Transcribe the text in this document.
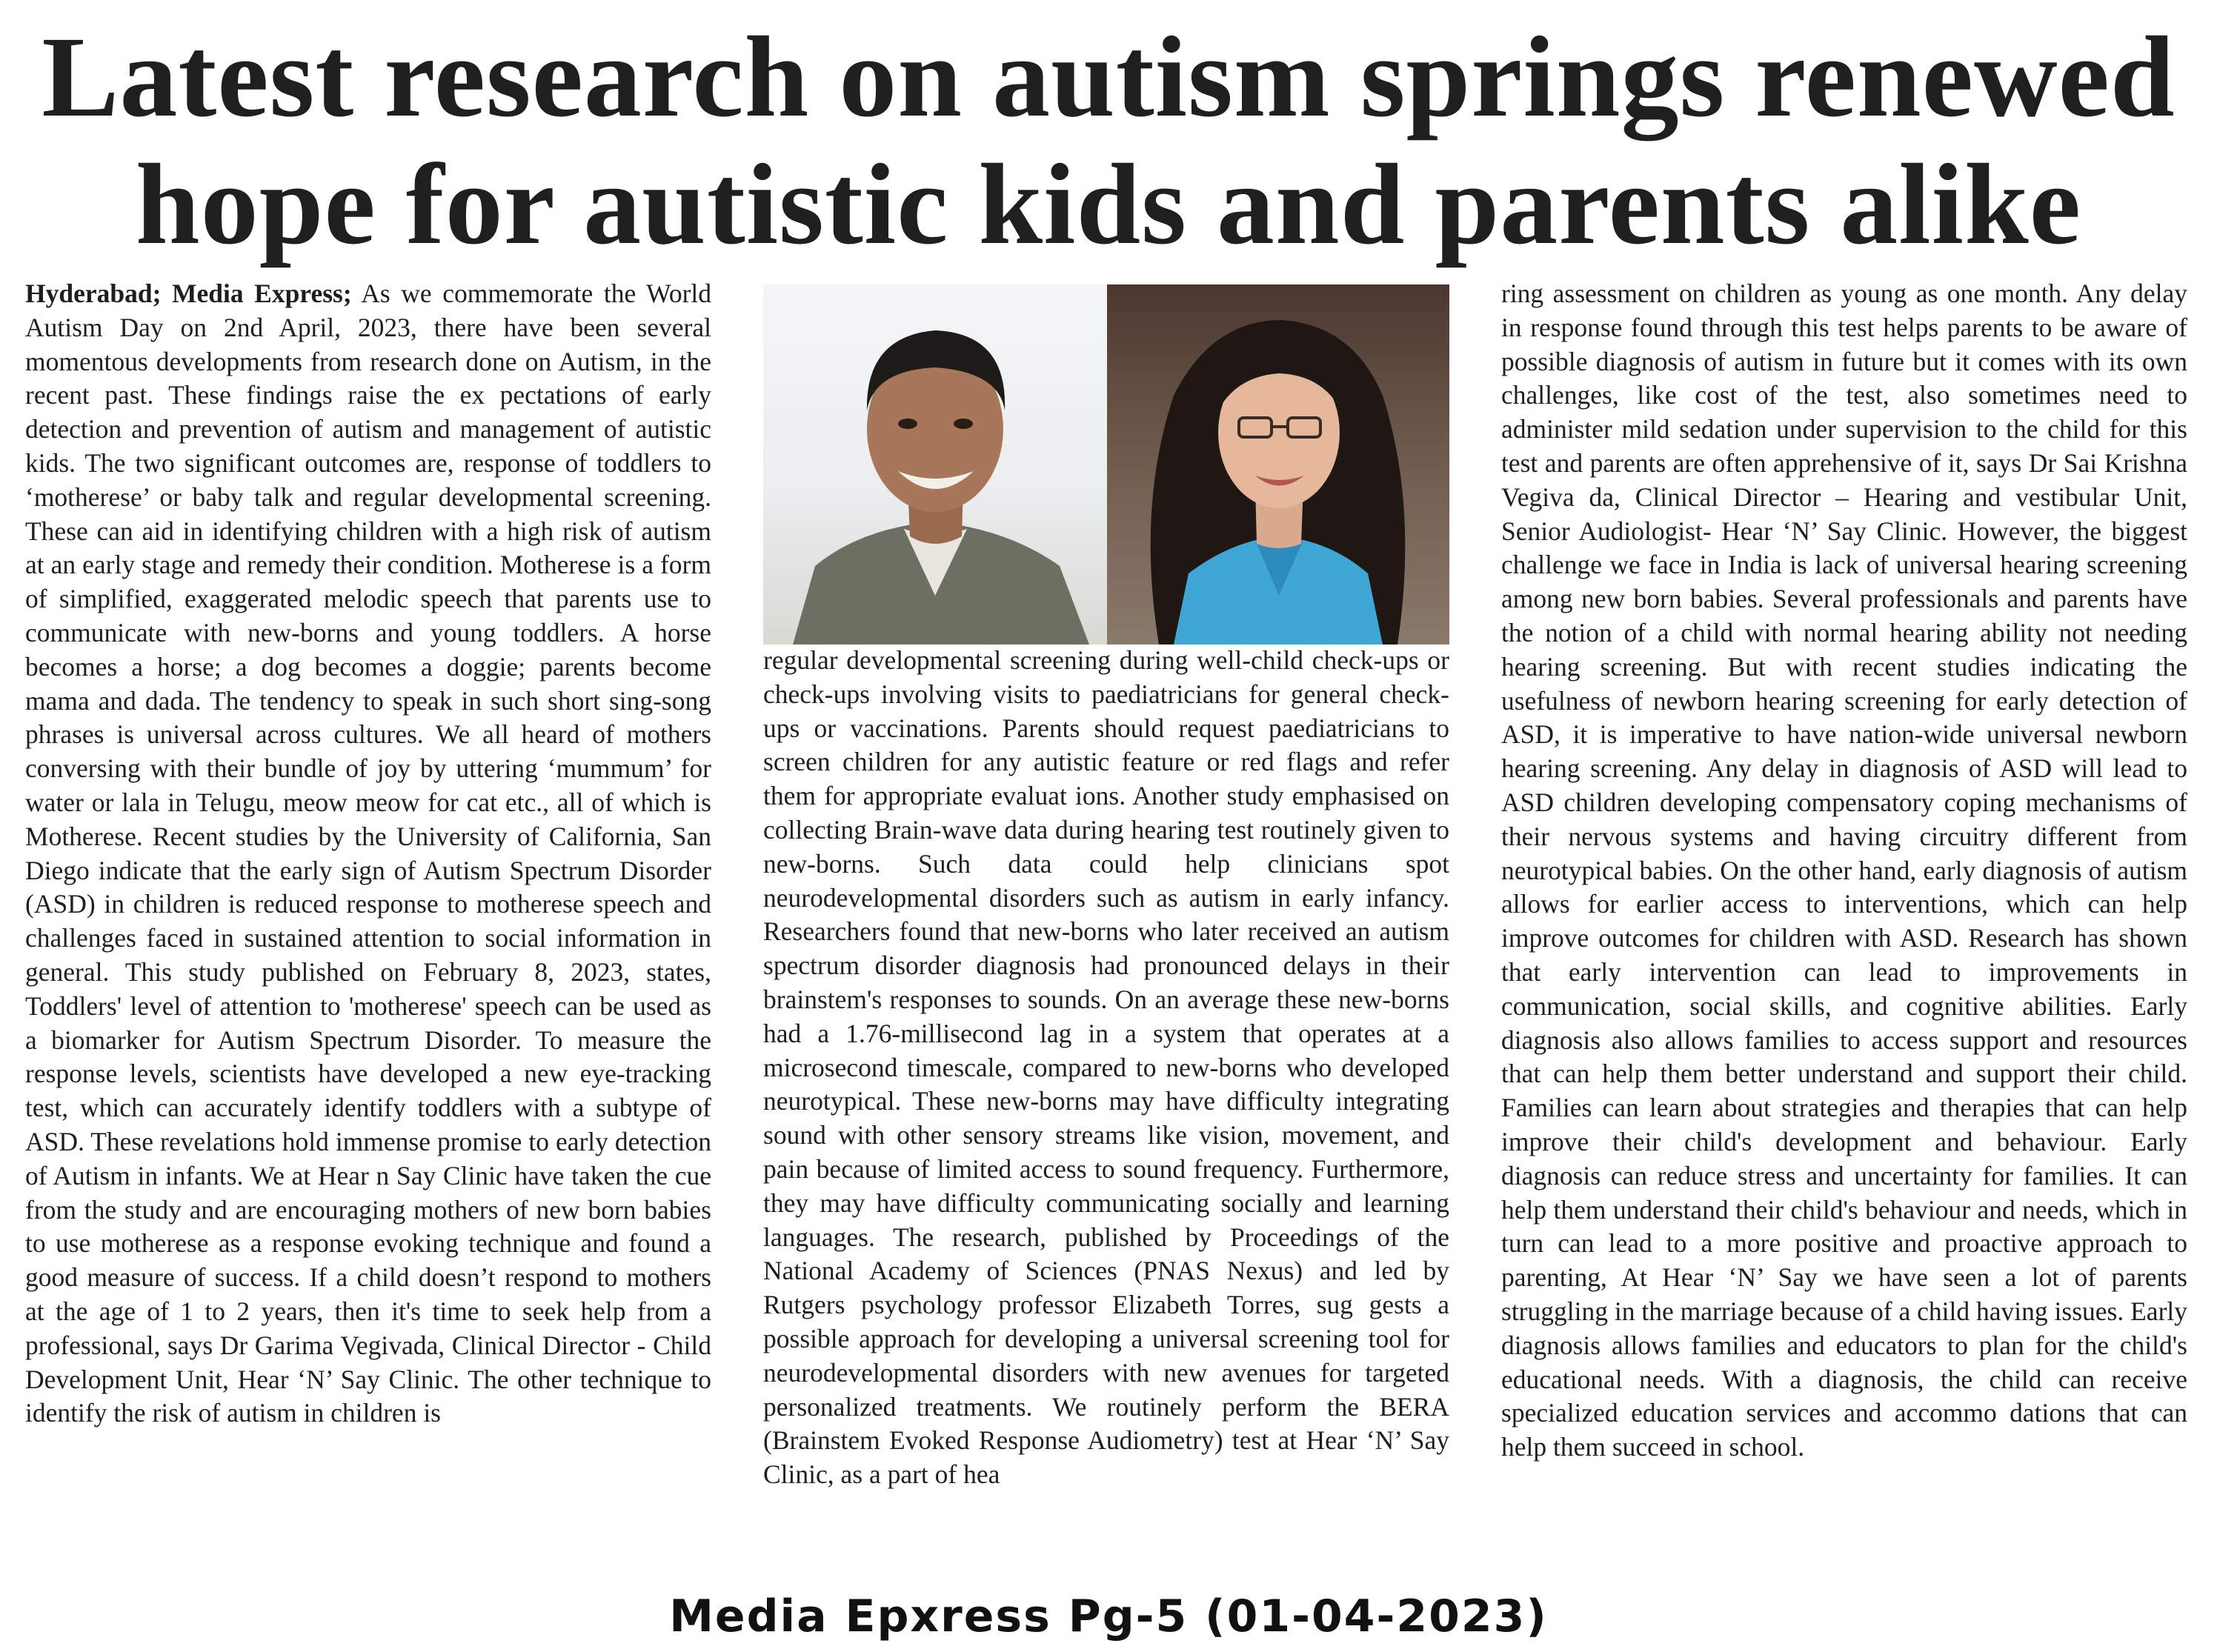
Latest research on autism springs renewed
hope for autistic kids and parents alike

Hyderabad; Media Express; As we commemorate the World Autism Day on 2nd April, 2023, there have been several momentous developments from research done on Autism, in the recent past. These findings raise the ex pectations of early detection and prevention of autism and management of autistic kids. The two significant outcomes are, response of toddlers to ‘motherese’ or baby talk and regular developmental screening. These can aid in identifying children with a high risk of autism at an early stage and remedy their condition. Motherese is a form of simplified, exaggerated melodic speech that parents use to communicate with new-borns and young toddlers. A horse becomes a horse; a dog becomes a doggie; parents become mama and dada. The tendency to speak in such short sing-song phrases is universal across cultures. We all heard of mothers conversing with their bundle of joy by uttering ‘mummum’ for water or lala in Telugu, meow meow for cat etc., all of which is Motherese. Recent studies by the University of California, San Diego indicate that the early sign of Autism Spectrum Disorder (ASD) in children is reduced response to motherese speech and challenges faced in sustained attention to social information in general. This study published on February 8, 2023, states, Toddlers' level of attention to 'motherese' speech can be used as a biomarker for Autism Spectrum Disorder. To measure the response levels, scientists have developed a new eye-tracking test, which can accurately identify toddlers with a subtype of ASD. These revelations hold immense promise to early detection of Autism in infants. We at Hear n Say Clinic have taken the cue from the study and are encouraging mothers of new born babies to use motherese as a response evoking technique and found a good measure of success. If a child doesn’t respond to mothers at the age of 1 to 2 years, then it's time to seek help from a professional, says Dr Garima Vegivada, Clinical Director - Child Development Unit, Hear ‘N’ Say Clinic. The other technique to identify the risk of autism in children is

regular developmental screening during well-child check-ups or check-ups involving visits to paediatricians for general check-ups or vaccinations. Parents should request paediatricians to screen children for any autistic feature or red flags and refer them for appropriate evaluat ions. Another study emphasised on collecting Brain-wave data during hearing test routinely given to new-borns. Such data could help clinicians spot neurodevelopmental disorders such as autism in early infancy. Researchers found that new-borns who later received an autism spectrum disorder diagnosis had pronounced delays in their brainstem's responses to sounds. On an average these new-borns had a 1.76-millisecond lag in a system that operates at a microsecond timescale, compared to new-borns who developed neurotypical. These new-borns may have difficulty integrating sound with other sensory streams like vision, movement, and pain because of limited access to sound frequency. Furthermore, they may have difficulty communicating socially and learning languages. The research, published by Proceedings of the National Academy of Sciences (PNAS Nexus) and led by Rutgers psychology professor Elizabeth Torres, sug gests a possible approach for developing a universal screening tool for neurodevelopmental disorders with new avenues for targeted personalized treatments. We routinely perform the BERA (Brainstem Evoked Response Audiometry) test at Hear ‘N’ Say Clinic, as a part of hea

ring assessment on children as young as one month. Any delay in response found through this test helps parents to be aware of possible diagnosis of autism in future but it comes with its own challenges, like cost of the test, also sometimes need to administer mild sedation under supervision to the child for this test and parents are often apprehensive of it, says Dr Sai Krishna Vegiva da, Clinical Director – Hearing and vestibular Unit, Senior Audiologist- Hear ‘N’ Say Clinic. However, the biggest challenge we face in India is lack of universal hearing screening among new born babies. Several professionals and parents have the notion of a child with normal hearing ability not needing hearing screening. But with recent studies indicating the usefulness of newborn hearing screening for early detection of ASD, it is imperative to have nation-wide universal newborn hearing screening. Any delay in diagnosis of ASD will lead to ASD children developing compensatory coping mechanisms of their nervous systems and having circuitry different from neurotypical babies. On the other hand, early diagnosis of autism allows for earlier access to interventions, which can help improve outcomes for children with ASD. Research has shown that early intervention can lead to improvements in communication, social skills, and cognitive abilities. Early diagnosis also allows families to access support and resources that can help them better understand and support their child. Families can learn about strategies and therapies that can help improve their child's development and behaviour. Early diagnosis can reduce stress and uncertainty for families. It can help them understand their child's behaviour and needs, which in turn can lead to a more positive and proactive approach to parenting, At Hear ‘N’ Say we have seen a lot of parents struggling in the marriage because of a child having issues. Early diagnosis allows families and educators to plan for the child's educational needs. With a diagnosis, the child can receive specialized education services and accommo dations that can help them succeed in school.

Media Epxress Pg-5 (01-04-2023)
